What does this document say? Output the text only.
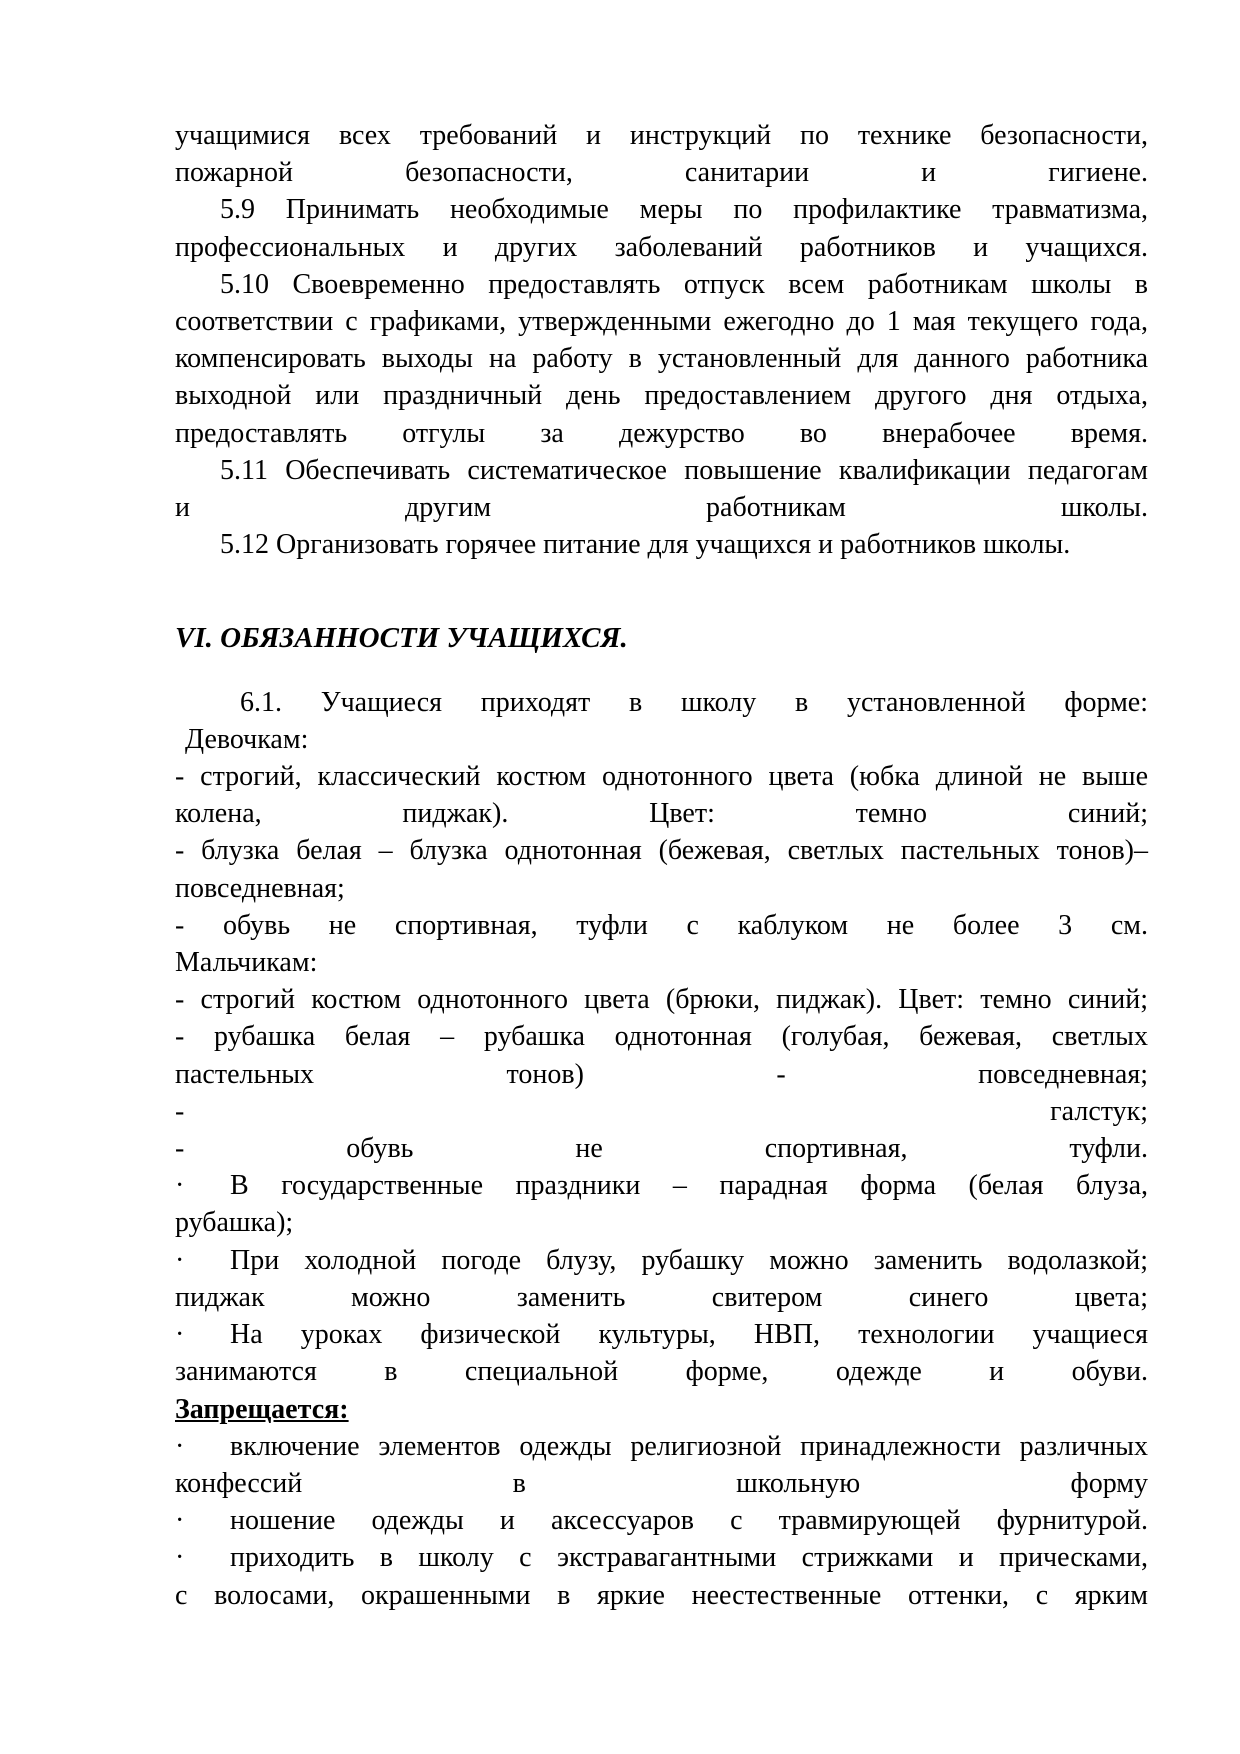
учащимися всех требований и инструкций по технике безопасности,
пожарной безопасности, санитарии и гигиене.
5.9 Принимать необходимые меры по профилактике травматизма,
профессиональных и других заболеваний работников и учащихся.
5.10 Своевременно предоставлять отпуск всем работникам школы в
соответствии с графиками, утвержденными ежегодно до 1 мая текущего года,
компенсировать выходы на работу в установленный для данного работника
выходной или праздничный день предоставлением другого дня отдыха,
предоставлять отгулы за дежурство во внерабочее время.
5.11 Обеспечивать систематическое повышение квалификации педагогам
и другим работникам школы.
5.12 Организовать горячее питание для учащихся и работников школы.
VI. ОБЯЗАННОСТИ УЧАЩИХСЯ.
6.1. Учащиеся приходят в школу в установленной форме:
Девочкам:
- строгий, классический костюм однотонного цвета (юбка длиной не выше
колена, пиджак). Цвет: темно синий;
- блузка белая – блузка однотонная (бежевая, светлых пастельных тонов)–
повседневная;
- обувь не спортивная, туфли с каблуком не более 3 см.
Мальчикам:
- строгий костюм однотонного цвета (брюки, пиджак). Цвет: темно синий;
- рубашка белая – рубашка однотонная (голубая, бежевая, светлых
пастельных тонов) - повседневная;
- галстук;
- обувь не спортивная, туфли.
· В государственные праздники – парадная форма (белая блуза,
рубашка);
· При холодной погоде блузу, рубашку можно заменить водолазкой;
пиджак можно заменить свитером синего цвета;
· На уроках физической культуры, НВП, технологии учащиеся
занимаются в специальной форме, одежде и обуви.
Запрещается:
· включение элементов одежды религиозной принадлежности различных
конфессий в школьную форму
· ношение одежды и аксессуаров с травмирующей фурнитурой.
· приходить в школу с экстравагантными стрижками и прическами,
с волосами, окрашенными в яркие неестественные оттенки, с ярким
